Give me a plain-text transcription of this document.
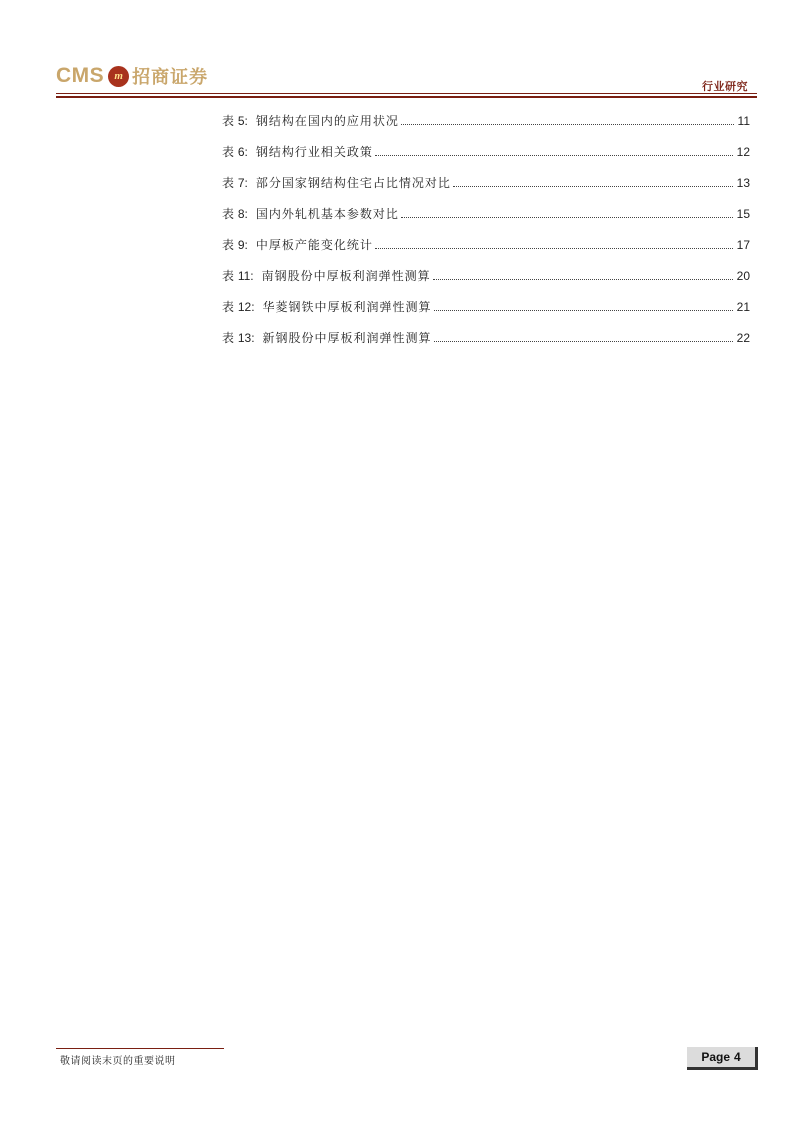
CMS m 招商证券	行业研究
表 5: 钢结构在国内的应用状况	11
表 6: 钢结构行业相关政策	12
表 7: 部分国家钢结构住宅占比情况对比	13
表 8: 国内外轧机基本参数对比	15
表 9: 中厚板产能变化统计	17
表 11: 南钢股份中厚板利润弹性测算	20
表 12: 华菱钢铁中厚板利润弹性测算	21
表 13: 新钢股份中厚板利润弹性测算	22
敬请阅读末页的重要说明	Page 4
